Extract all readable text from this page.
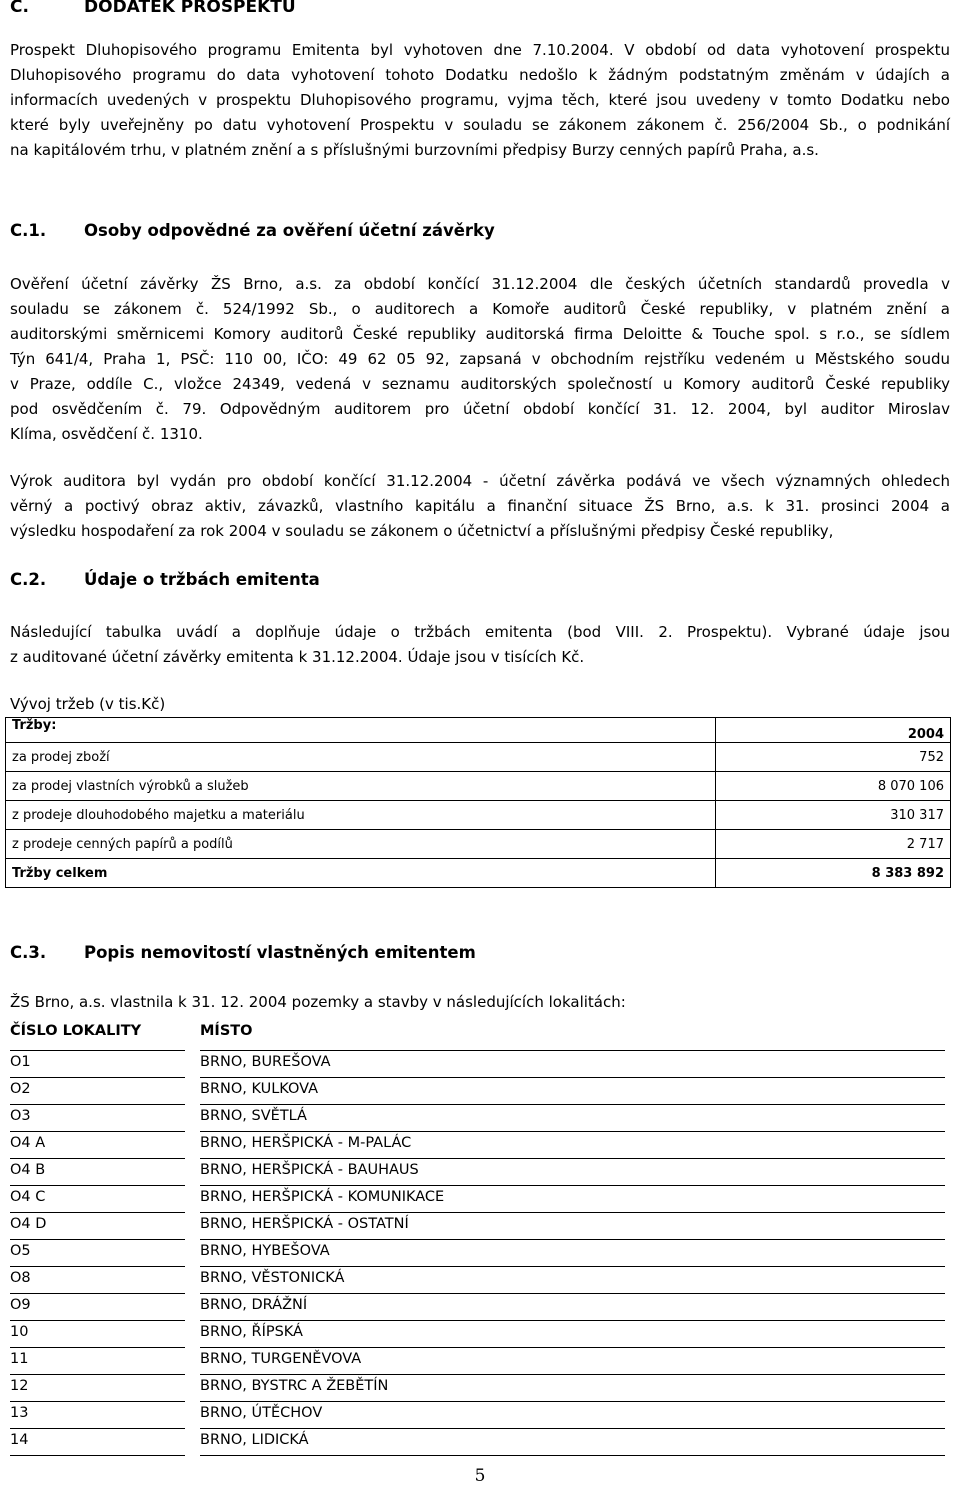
C.	DODATEK PROSPEKTU
Prospekt Dluhopisového programu Emitenta byl vyhotoven dne 7.10.2004. V období od data vyhotovení prospektu
Dluhopisového programu do data vyhotovení tohoto Dodatku nedošlo k žádným podstatným změnám v údajích a
informacích uvedených v prospektu Dluhopisového programu, vyjma těch, které jsou uvedeny v tomto Dodatku nebo
které byly uveřejněny po datu vyhotovení Prospektu v souladu se zákonem zákonem č. 256/2004 Sb., o podnikání
na kapitálovém trhu, v platném znění a s příslušnými burzovními předpisy Burzy cenných papírů Praha, a.s.
C.1. Osoby odpovědné za ověření účetní závěrky
Ověření účetní závěrky ŽS Brno, a.s. za období končící 31.12.2004 dle českých účetních standardů provedla v
souladu se zákonem č. 524/1992 Sb., o auditorech a Komoře auditorů České republiky, v platném znění a
auditorskými směrnicemi Komory auditorů České republiky auditorská firma Deloitte & Touche spol. s r.o., se sídlem
Týn 641/4, Praha 1, PSČ: 110 00, IČO: 49 62 05 92, zapsaná v obchodním rejstříku vedeném u Městského soudu
v Praze, oddíle C., vložce 24349, vedená v seznamu auditorských společností u Komory auditorů České republiky
pod osvědčením č. 79. Odpovědným auditorem pro účetní období končící 31. 12. 2004, byl auditor Miroslav
Klíma, osvědčení č. 1310.
Výrok auditora byl vydán pro období končící 31.12.2004 - účetní závěrka podává ve všech významných ohledech
věrný a poctivý obraz aktiv, závazků, vlastního kapitálu a finanční situace ŽS Brno, a.s. k 31. prosinci 2004 a
výsledku hospodaření za rok 2004 v souladu se zákonem o účetnictví a příslušnými předpisy České republiky,
C.2. Údaje o tržbách emitenta
Následující tabulka uvádí a doplňuje údaje o tržbách emitenta (bod VIII. 2. Prospektu). Vybrané údaje jsou
z auditované účetní závěrky emitenta k 31.12.2004. Údaje jsou v tisících Kč.
Vývoj tržeb (v tis.Kč)
Tržby:	2004
za prodej zboží	752
za prodej vlastních výrobků a služeb	8 070 106
z prodeje dlouhodobého majetku a materiálu	310 317
z prodeje cenných papírů a podílů	2 717
Tržby celkem	8 383 892
C.3. Popis nemovitostí vlastněných emitentem
ŽS Brno, a.s. vlastnila k 31. 12. 2004 pozemky a stavby v následujících lokalitách:
ČÍSLO LOKALITY	MÍSTO
O1	BRNO, BUREŠOVA
O2	BRNO, KULKOVA
O3	BRNO, SVĚTLÁ
O4 A	BRNO, HERŠPICKÁ - M-PALÁC
O4 B	BRNO, HERŠPICKÁ - BAUHAUS
O4 C	BRNO, HERŠPICKÁ - KOMUNIKACE
O4 D	BRNO, HERŠPICKÁ - OSTATNÍ
O5	BRNO, HYBEŠOVA
O8	BRNO, VĚSTONICKÁ
O9	BRNO, DRÁŽNÍ
10	BRNO, ŘÍPSKÁ
11	BRNO, TURGENĚVOVA
12	BRNO, BYSTRC A ŽEBĚTÍN
13	BRNO, ÚTĚCHOV
14	BRNO, LIDICKÁ
5
